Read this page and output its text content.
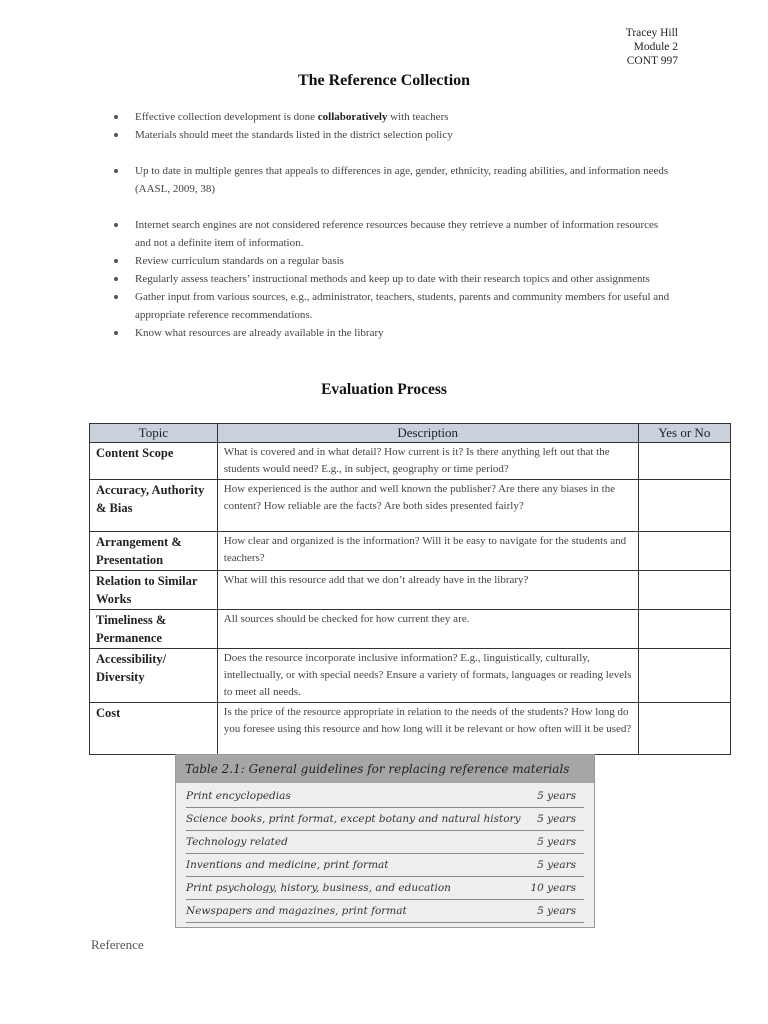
Tracey Hill
Module 2
CONT 997
The Reference Collection
Effective collection development is done collaboratively with teachers
Materials should meet the standards listed in the district selection policy
Up to date in multiple genres that appeals to differences in age, gender, ethnicity, reading abilities, and information needs (AASL, 2009, 38)
Internet search engines are not considered reference resources because they retrieve a number of information resources and not a definite item of information.
Review curriculum standards on a regular basis
Regularly assess teachers’ instructional methods and keep up to date with their research topics and other assignments
Gather input from various sources, e.g., administrator, teachers, students, parents and community members for useful and appropriate reference recommendations.
Know what resources are already available in the library
Evaluation Process
Topic	Description	Yes or No
Content Scope	What is covered and in what detail? How current is it? Is there anything left out that the students would need? E.g., in subject, geography or time period?	
Accuracy, Authority & Bias	How experienced is the author and well known the publisher? Are there any biases in the content? How reliable are the facts? Are both sides presented fairly?	
Arrangement & Presentation	How clear and organized is the information? Will it be easy to navigate for the students and teachers?	
Relation to Similar Works	What will this resource add that we don’t already have in the library?	
Timeliness & Permanence	All sources should be checked for how current they are.	
Accessibility/ Diversity	Does the resource incorporate inclusive information? E.g., linguistically, culturally, intellectually, or with special needs? Ensure a variety of formats, languages or reading levels to meet all needs.	
Cost	Is the price of the resource appropriate in relation to the needs of the students? How long do you foresee using this resource and how long will it be relevant or how often will it be used?	
Table 2.1: General guidelines for replacing reference materials
Print encyclopedias	5 years
Science books, print format, except botany and natural history 5 years
Technology related	5 years
Inventions and medicine, print format	5 years
Print psychology, history, business, and education	10 years
Newspapers and magazines, print format	5 years
Reference
